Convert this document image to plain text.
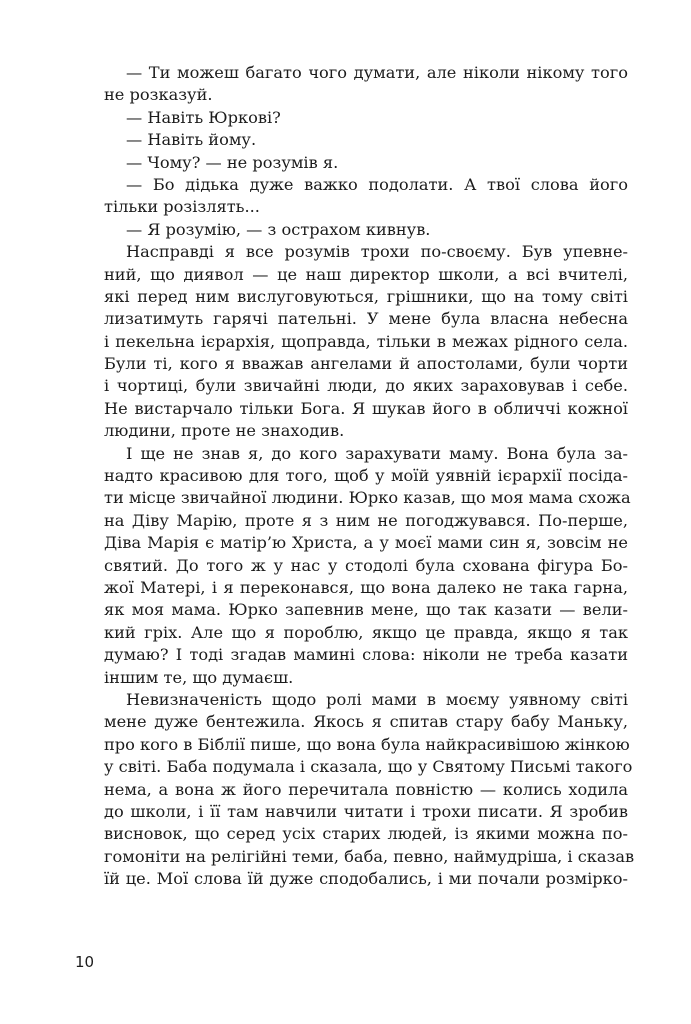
— Ти можеш багато чого думати, але ніколи нікому того
не розказуй.
— Навіть Юркові?
— Навіть йому.
— Чому? — не розумів я.
— Бо дідька дуже важко подолати. А твої слова його
тільки розізлять...
— Я розумію, — з острахом кивнув.
Насправді я все розумів трохи по-своєму. Був упевне-
ний, що диявол — це наш директор школи, а всі вчителі,
які перед ним вислуговуються, грішники, що на тому світі
лизатимуть гарячі пательні. У мене була власна небесна
і пекельна ієрархія, щоправда, тільки в межах рідного села.
Були ті, кого я вважав ангелами й апостолами, були чорти
і чортиці, були звичайні люди, до яких зараховував і себе.
Не вистарчало тільки Бога. Я шукав його в обличчі кожної
людини, проте не знаходив.
І ще не знав я, до кого зарахувати маму. Вона була за-
надто красивою для того, щоб у моїй уявній ієрархії посіда-
ти місце звичайної людини. Юрко казав, що моя мама схожа
на Діву Марію, проте я з ним не погоджувався. По-перше,
Діва Марія є матір’ю Христа, а у моєї мами син я, зовсім не
святий. До того ж у нас у стодолі була схована фігура Бо-
жої Матері, і я переконався, що вона далеко не така гарна,
як моя мама. Юрко запевнив мене, що так казати — вели-
кий гріх. Але що я пороблю, якщо це правда, якщо я так
думаю? І тоді згадав мамині слова: ніколи не треба казати
іншим те, що думаєш.
Невизначеність щодо ролі мами в моєму уявному світі
мене дуже бентежила. Якось я спитав стару бабу Маньку,
про кого в Біблії пише, що вона була найкрасивішою жінкою
у світі. Баба подумала і сказала, що у Святому Письмі такого
нема, а вона ж його перечитала повністю — колись ходила
до школи, і її там навчили читати і трохи писати. Я зробив
висновок, що серед усіх старих людей, із якими можна по-
гомоніти на релігійні теми, баба, певно, наймудріша, і сказав
їй це. Мої слова їй дуже сподобались, і ми почали розмірко-
10
